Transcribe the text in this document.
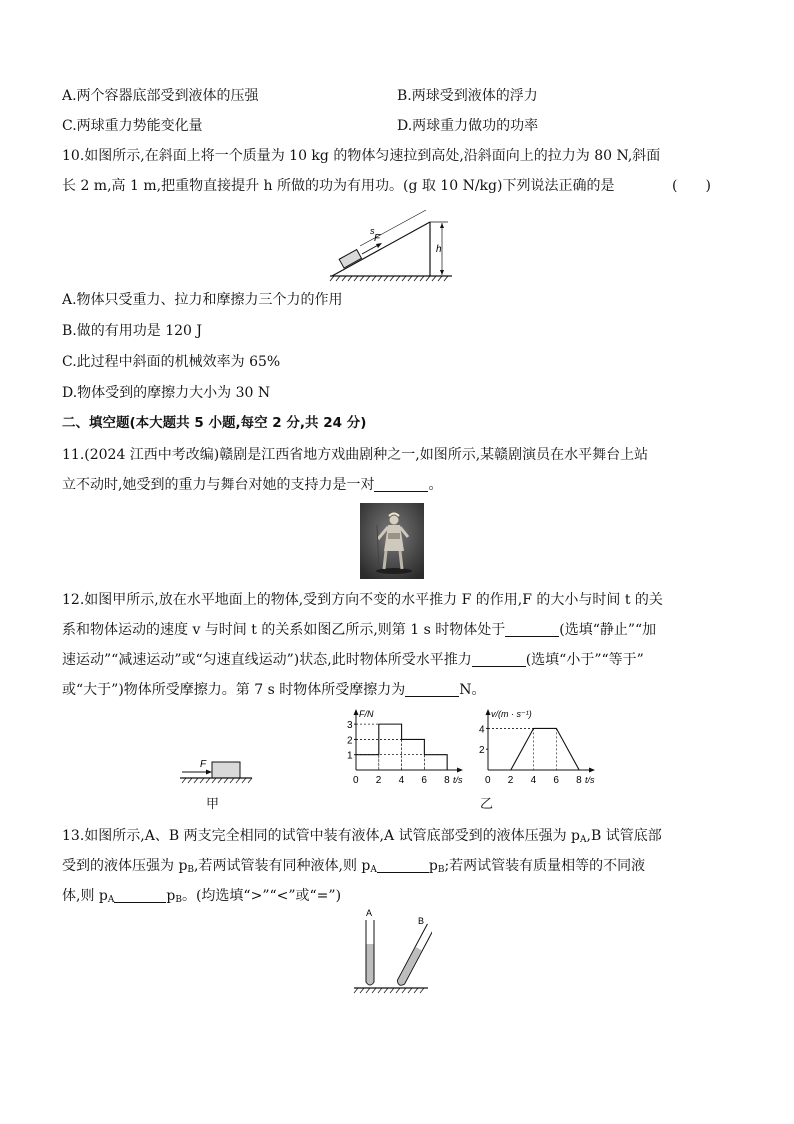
A.两个容器底部受到液体的压强	B.两球受到液体的浮力
C.两球重力势能变化量	D.两球重力做功的功率
10.如图所示,在斜面上将一个质量为 10 kg 的物体匀速拉到高处,沿斜面向上的拉力为 80 N,斜面
长 2 m,高 1 m,把重物直接提升 h 所做的功为有用功。(g 取 10 N/kg)下列说法正确的是	(　　)
F
s
h
A.物体只受重力、拉力和摩擦力三个力的作用
B.做的有用功是 120 J
C.此过程中斜面的机械效率为 65%
D.物体受到的摩擦力大小为 30 N
二、填空题(本大题共 5 小题,每空 2 分,共 24 分)
11.(2024 江西中考改编)赣剧是江西省地方戏曲剧种之一,如图所示,某赣剧演员在水平舞台上站
立不动时,她受到的重力与舞台对她的支持力是一对	。
12.如图甲所示,放在水平地面上的物体,受到方向不变的水平推力 F 的作用,F 的大小与时间 t 的关
系和物体运动的速度 v 与时间 t 的关系如图乙所示,则第 1 s 时物体处于	(选填“静止”“加
速运动”“减速运动”或“匀速直线运动”)状态,此时物体所受水平推力	(选填“小于”“等于”
或“大于”)物体所受摩擦力。第 7 s 时物体所受摩擦力为	N。
F
甲
F/N
t/s
0 2 4 6 8
1
2
3
v/(m · s⁻¹)
t/s
0 2 4 6 8
2
4
乙
13.如图所示,A、B 两支完全相同的试管中装有液体,A 试管底部受到的液体压强为 $p_A,B$ 试管底部
受到的液体压强为 $p_B$,若两试管装有同种液体,则 $p_A$	$p_B$;若两试管装有质量相等的不同液
体,则 $p_A$	$p_B$。(均选填“>”“<”或“=”)
A
B
